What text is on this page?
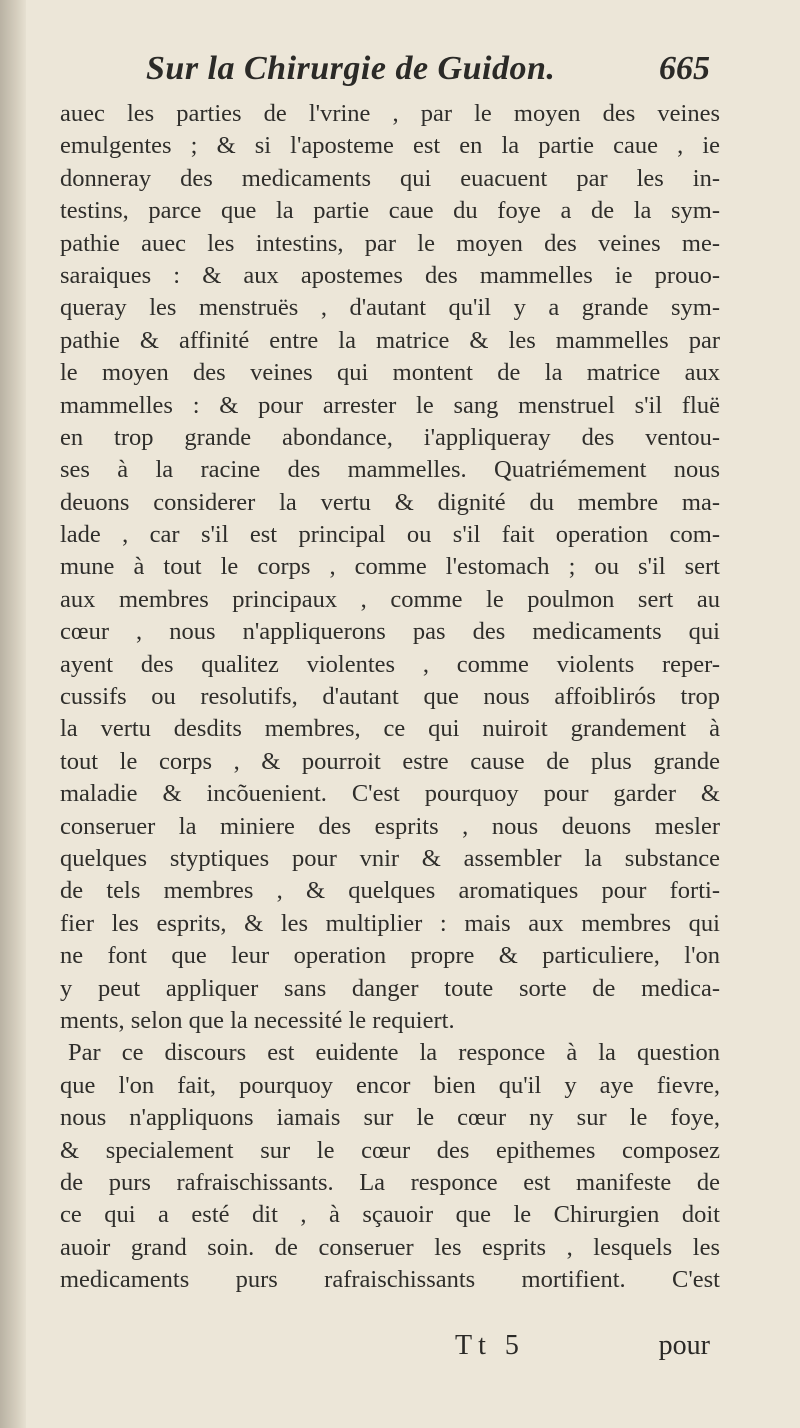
Sur la Chirurgie de Guidon.	665
auec les parties de l'vrine , par le moyen des veines
emulgentes ; & si l'aposteme est en la partie caue , ie
donneray des medicaments qui euacuent par les in-
testins, parce que la partie caue du foye a de la sym-
pathie auec les intestins, par le moyen des veines me-
saraiques : & aux apostemes des mammelles ie prouo-
queray les menstruës , d'autant qu'il y a grande sym-
pathie & affinité entre la matrice & les mammelles par
le moyen des veines qui montent de la matrice aux
mammelles : & pour arrester le sang menstruel s'il fluë
en trop grande abondance, i'appliqueray des ventou-
ses à la racine des mammelles. Quatriémement nous
deuons considerer la vertu & dignité du membre ma-
lade , car s'il est principal ou s'il fait operation com-
mune à tout le corps , comme l'estomach ; ou s'il sert
aux membres principaux , comme le poulmon sert au
cœur , nous n'appliquerons pas des medicaments qui
ayent des qualitez violentes , comme violents reper-
cussifs ou resolutifs, d'autant que nous affoiblirós trop
la vertu desdits membres, ce qui nuiroit grandement à
tout le corps , & pourroit estre cause de plus grande
maladie & incõuenient. C'est pourquoy pour garder &
conseruer la miniere des esprits , nous deuons mesler
quelques styptiques pour vnir & assembler la substance
de tels membres , & quelques aromatiques pour forti-
fier les esprits, & les multiplier : mais aux membres qui
ne font que leur operation propre & particuliere, l'on
y peut appliquer sans danger toute sorte de medica-
ments, selon que la necessité le requiert.
Par ce discours est euidente la responce à la question
que l'on fait, pourquoy encor bien qu'il y aye fievre,
nous n'appliquons iamais sur le cœur ny sur le foye,
& specialement sur le cœur des epithemes composez
de purs rafraischissants. La responce est manifeste de
ce qui a esté dit , à sçauoir que le Chirurgien doit
auoir grand soin. de conseruer les esprits , lesquels les
medicaments purs rafraischissants mortifient. C'est
Tt 5	pour
